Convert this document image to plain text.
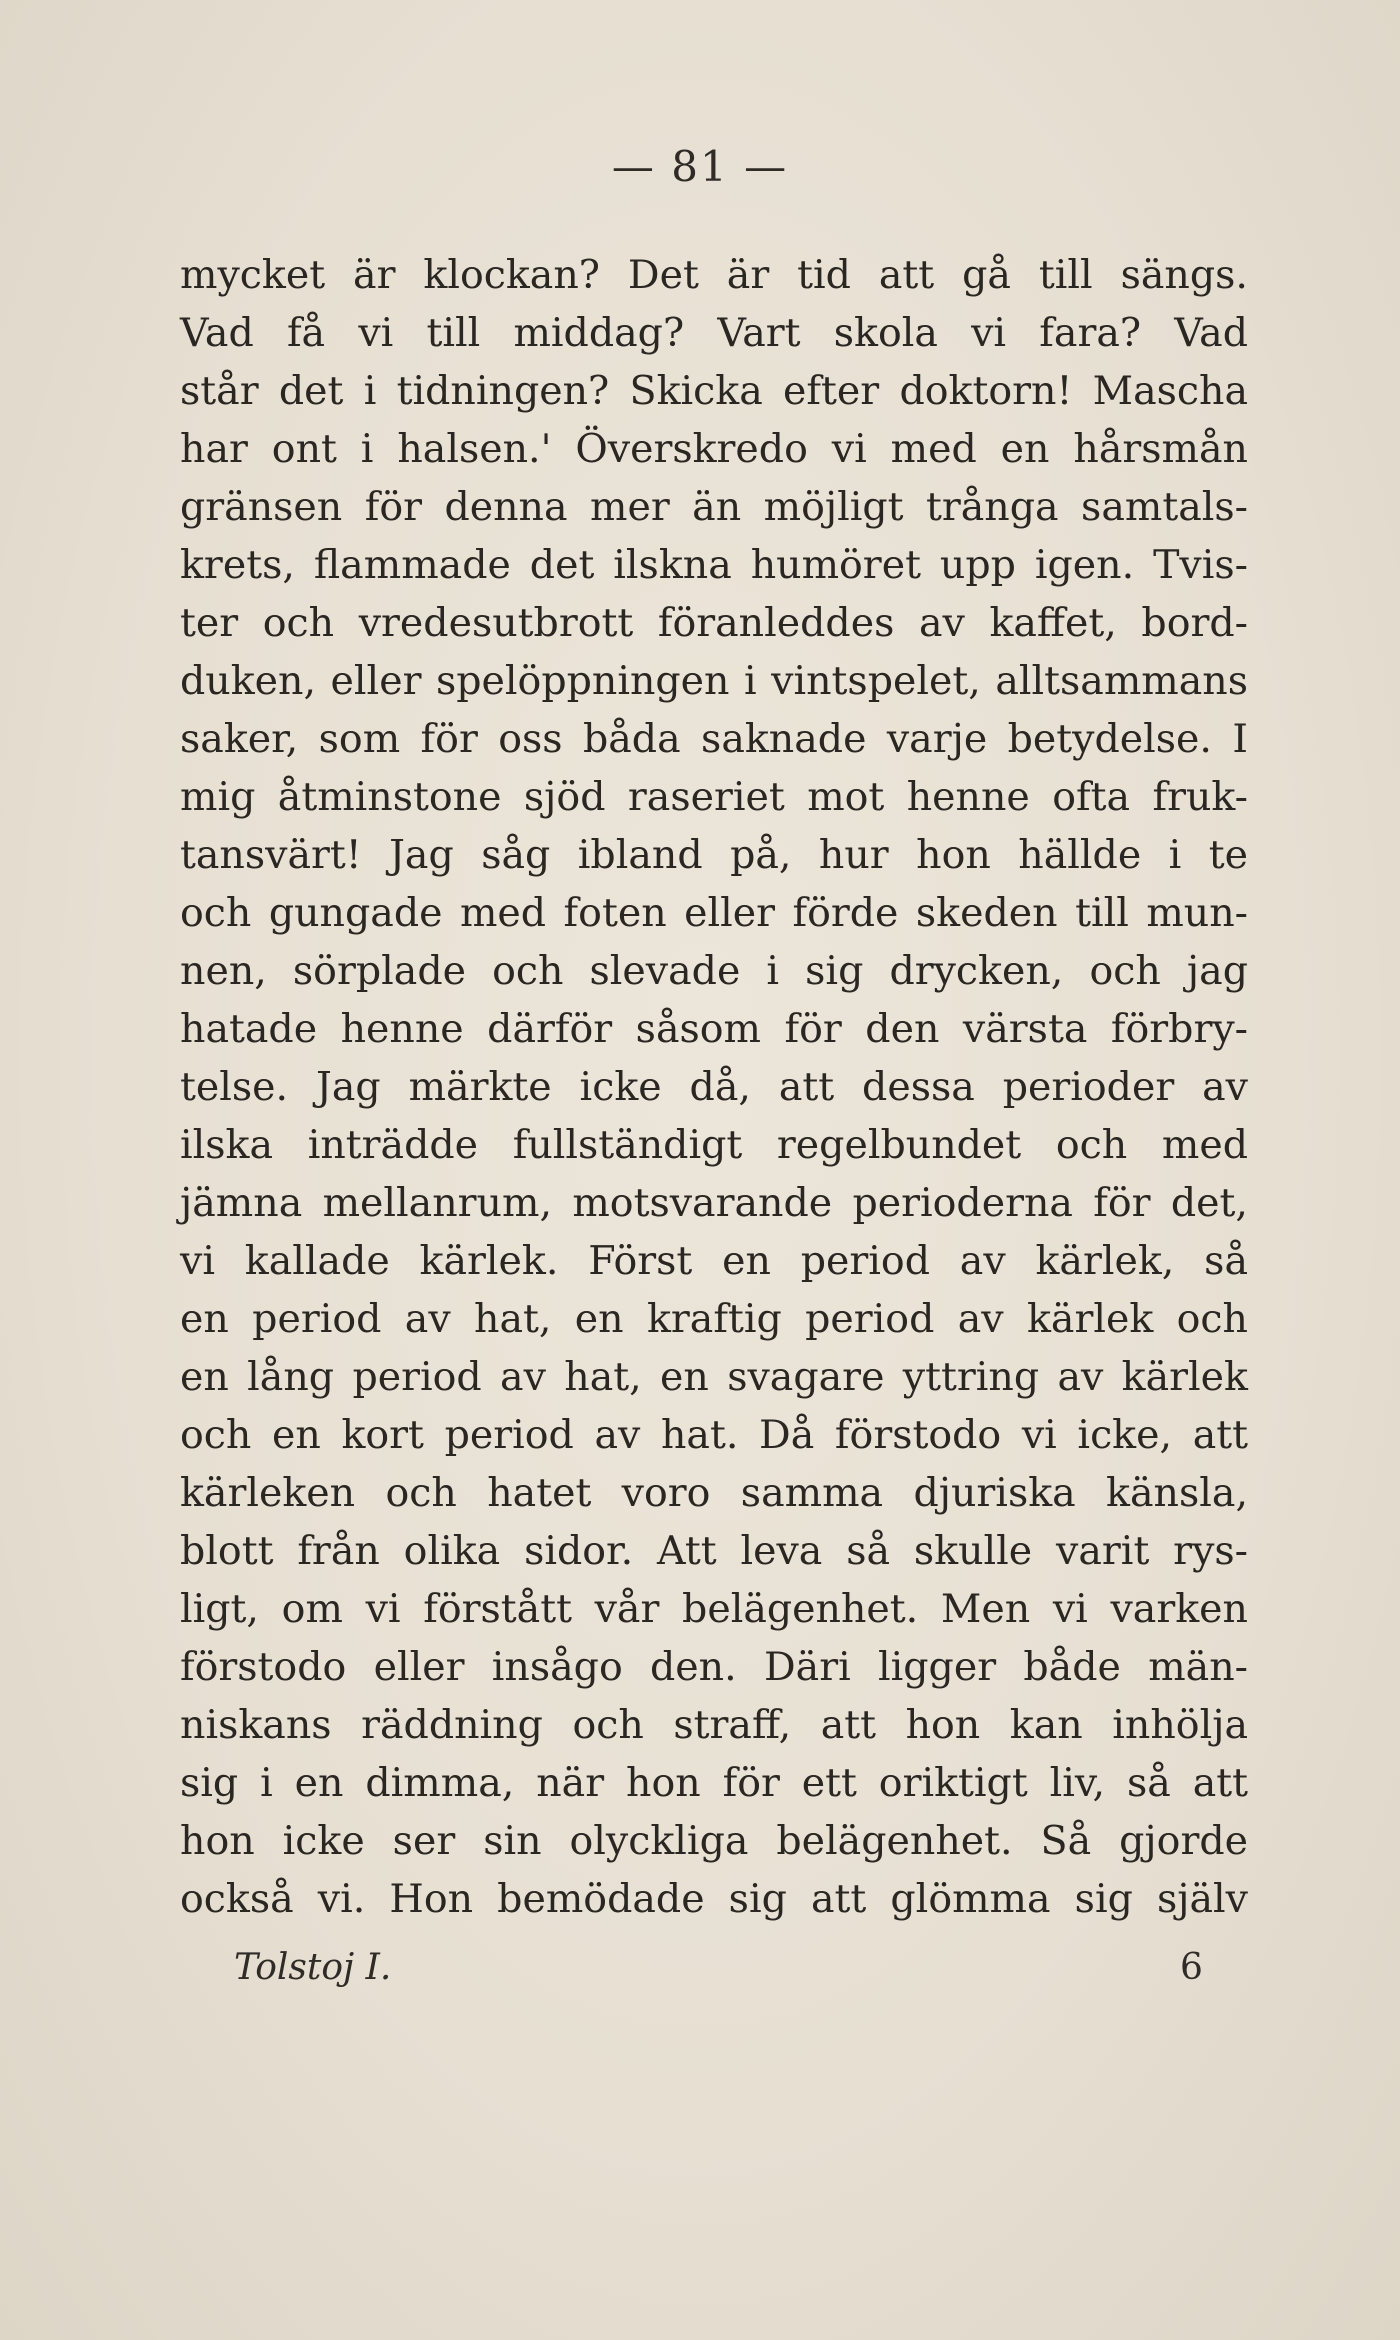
— 81 —
mycket är klockan? Det är tid att gå till sängs.
Vad få vi till middag? Vart skola vi fara? Vad
står det i tidningen? Skicka efter doktorn! Mascha
har ont i halsen.' Överskredo vi med en hårsmån
gränsen för denna mer än möjligt trånga samtals-
krets, flammade det ilskna humöret upp igen. Tvis-
ter och vredesutbrott föranleddes av kaffet, bord-
duken, eller spelöppningen i vintspelet, alltsammans
saker, som för oss båda saknade varje betydelse. I
mig åtminstone sjöd raseriet mot henne ofta fruk-
tansvärt! Jag såg ibland på, hur hon hällde i te
och gungade med foten eller förde skeden till mun-
nen, sörplade och slevade i sig drycken, och jag
hatade henne därför såsom för den värsta förbry-
telse. Jag märkte icke då, att dessa perioder av
ilska inträdde fullständigt regelbundet och med
jämna mellanrum, motsvarande perioderna för det,
vi kallade kärlek. Först en period av kärlek, så
en period av hat, en kraftig period av kärlek och
en lång period av hat, en svagare yttring av kärlek
och en kort period av hat. Då förstodo vi icke, att
kärleken och hatet voro samma djuriska känsla,
blott från olika sidor. Att leva så skulle varit rys-
ligt, om vi förstått vår belägenhet. Men vi varken
förstodo eller insågo den. Däri ligger både män-
niskans räddning och straff, att hon kan inhölja
sig i en dimma, när hon för ett oriktigt liv, så att
hon icke ser sin olyckliga belägenhet. Så gjorde
också vi. Hon bemödade sig att glömma sig själv
Tolstoj I.	6
